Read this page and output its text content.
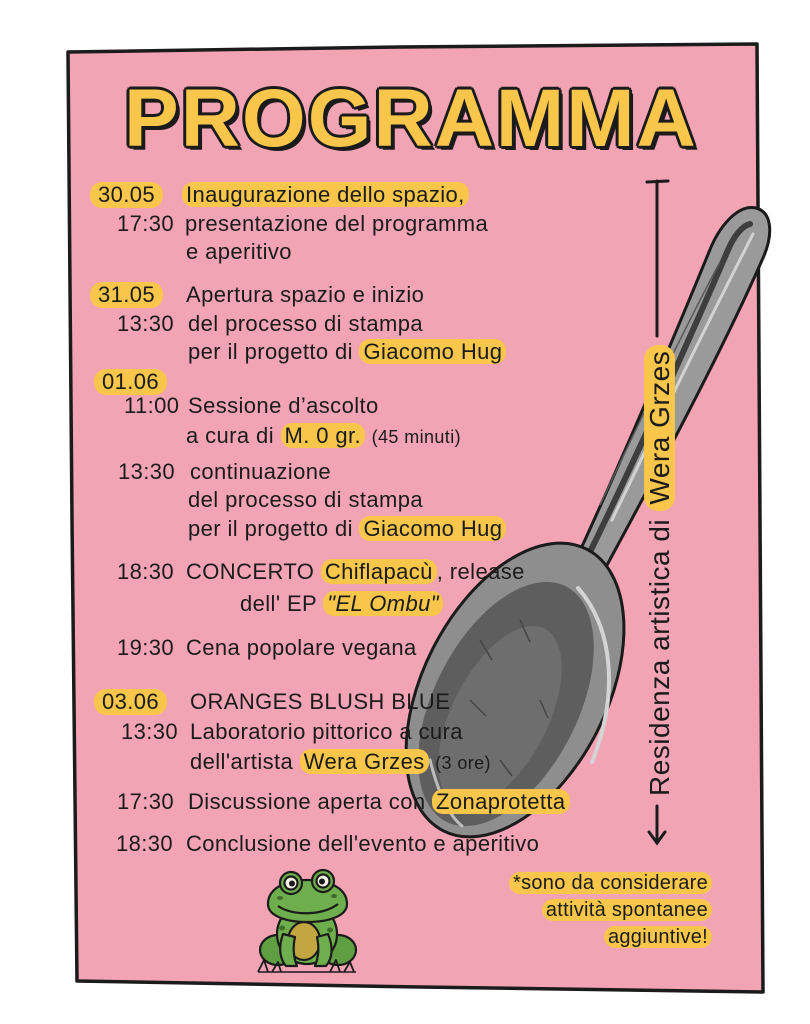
PROGRAMMA
30.05
17:30
Inaugurazione dello spazio,
presentazione del programma
e aperitivo
31.05
13:30
Apertura spazio e inizio
del processo di stampa
per il progetto di Giacomo Hug
01.06
11:00 Sessione d’ascolto
a cura di M. 0 gr. (45 minuti)
13:30 continuazione
del processo di stampa
per il progetto di Giacomo Hug
18:30 CONCERTO Chiflapacù , release
dell' EP "EL Ombu"
19:30 Cena popolare vegana
03.06	ORANGES BLUSH BLUE
13:30 Laboratorio pittorico a cura
dell'artista Wera Grzes (3 ore)
17:30 Discussione aperta con Zonaprotetta
18:30 Conclusione dell'evento e aperitivo
Residenza artistica di Wera Grzes
*sono da considerare
attività spontanee
aggiuntive!
